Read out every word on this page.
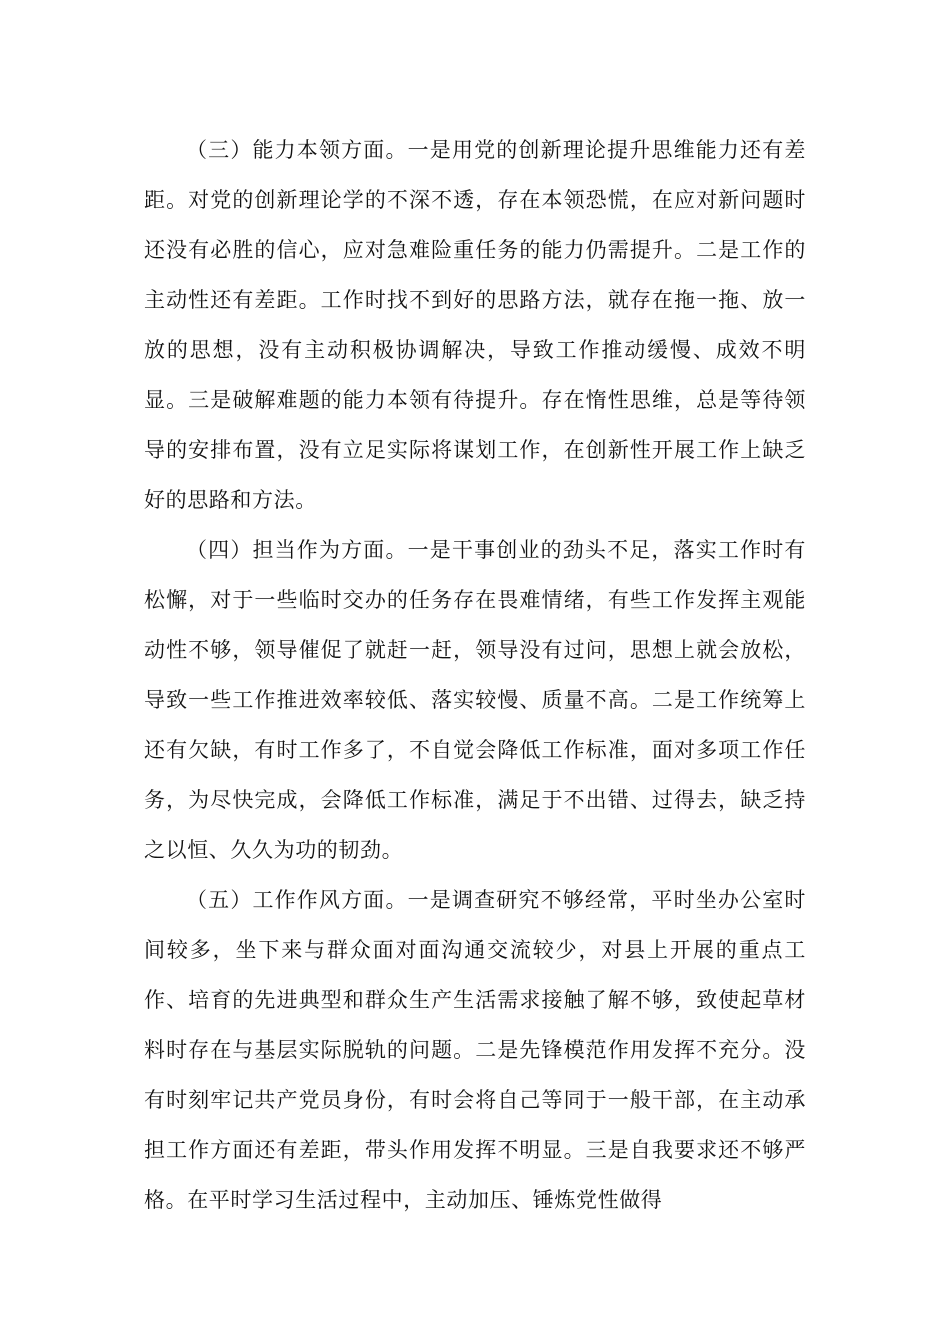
（三）能力本领方面。一是用党的创新理论提升思维能力还有差距。对党的创新理论学的不深不透，存在本领恐慌，在应对新问题时还没有必胜的信心，应对急难险重任务的能力仍需提升。二是工作的主动性还有差距。工作时找不到好的思路方法，就存在拖一拖、放一放的思想，没有主动积极协调解决，导致工作推动缓慢、成效不明显。三是破解难题的能力本领有待提升。存在惰性思维，总是等待领导的安排布置，没有立足实际将谋划工作，在创新性开展工作上缺乏好的思路和方法。

（四）担当作为方面。一是干事创业的劲头不足，落实工作时有松懈，对于一些临时交办的任务存在畏难情绪，有些工作发挥主观能动性不够，领导催促了就赶一赶，领导没有过问，思想上就会放松，导致一些工作推进效率较低、落实较慢、质量不高。二是工作统筹上还有欠缺，有时工作多了，不自觉会降低工作标准，面对多项工作任务，为尽快完成，会降低工作标准，满足于不出错、过得去，缺乏持之以恒、久久为功的韧劲。

（五）工作作风方面。一是调查研究不够经常，平时坐办公室时间较多，坐下来与群众面对面沟通交流较少，对县上开展的重点工作、培育的先进典型和群众生产生活需求接触了解不够，致使起草材料时存在与基层实际脱轨的问题。二是先锋模范作用发挥不充分。没有时刻牢记共产党员身份，有时会将自己等同于一般干部，在主动承担工作方面还有差距，带头作用发挥不明显。三是自我要求还不够严格。在平时学习生活过程中，主动加压、锤炼党性做得
